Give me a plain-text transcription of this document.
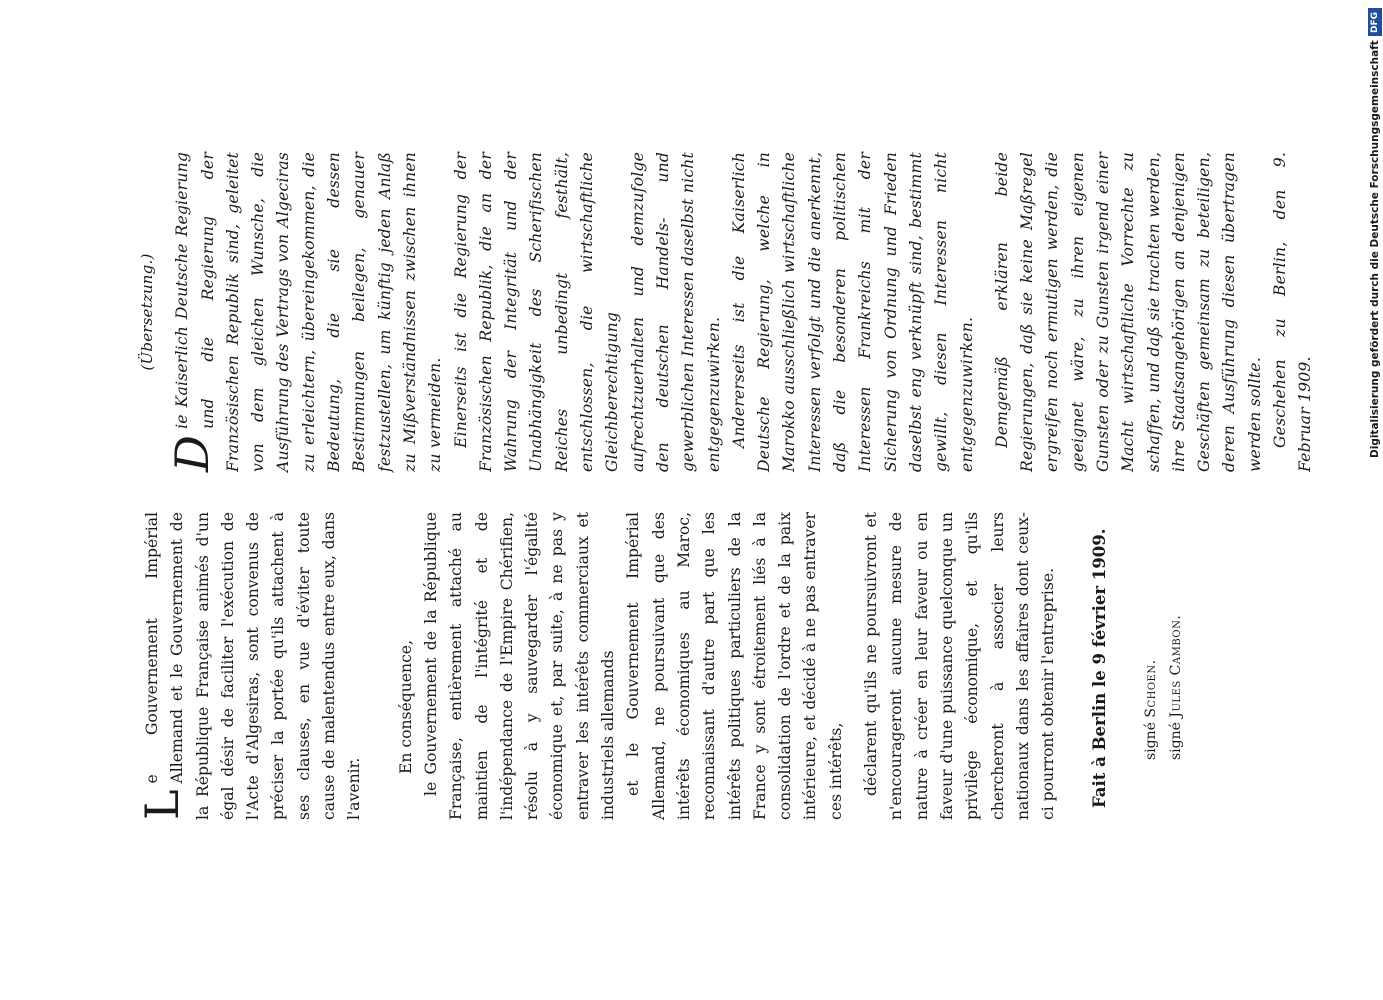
L
e Gouvernement Impérial Allemand et le Gouvernement de la République Française animés d'un égal désir de faciliter l'exécution de l'Acte d'Algesiras, sont convenus de préciser la portée qu'ils attachent à ses clauses, en vue d'éviter toute cause de malentendus entre eux, dans l'avenir.

En conséquence, le Gouvernement de la République Française, entièrement attaché au maintien de l'intégrité et de l'indépendance de l'Empire Chérifien, résolu à y sauvegarder l'égalité économique et, par suite, à ne pas y entraver les intérêts commerciaux et industriels allemands et le Gouvernement Impérial Allemand, ne poursuivant que des intérêts économiques au Maroc, reconnaissant d'autre part que les intérêts politiques particuliers de la France y sont étroitement liés à la consolidation de l'ordre et de la paix intérieure, et décidé à ne pas entraver ces intérêts, déclarent qu'ils ne poursuivront et n'encourageront aucune mesure de nature à créer en leur faveur ou en faveur d'une puissance quelconque un privilège économique, et qu'ils chercheront à associer leurs nationaux dans les affaires dont ceux-ci pourront obtenir l'entreprise. Fait à Berlin le 9 février 1909. signé Schoen.

signé Jules Cambon.

(Übersetzung.)

D
ie Kaiserlich Deutsche Regierung und die Regierung der Französischen Republik sind, geleitet von dem gleichen Wunsche, die Ausführung des Vertrags von Algeciras zu erleichtern, übereingekommen, die Bedeutung, die sie dessen Bestimmungen beilegen, genauer festzustellen, um künftig jeden Anlaß zu Mißverständnissen zwischen ihnen zu vermeiden. Einerseits ist die Regierung der Französischen Republik, die an der Wahrung der Integrität und der Unabhängigkeit des Scherifischen Reiches unbedingt festhält, entschlossen, die wirtschaftliche Gleichberechtigung aufrechtzuerhalten und demzufolge den deutschen Handels- und gewerblichen Interessen daselbst nicht entgegenzuwirken. Andererseits ist die Kaiserlich Deutsche Regierung, welche in Marokko ausschließlich wirtschaftliche Interessen verfolgt und die anerkennt, daß die besonderen politischen Interessen Frankreichs mit der Sicherung von Ordnung und Frieden daselbst eng verknüpft sind, bestimmt gewillt, diesen Interessen nicht entgegenzuwirken. Demgemäß erklären beide Regierungen, daß sie keine Maßregel ergreifen noch ermutigen werden, die geeignet wäre, zu ihren eigenen Gunsten oder zu Gunsten irgend einer Macht wirtschaftliche Vorrechte zu schaffen, und daß sie trachten werden, ihre Staatsangehörigen an denjenigen Geschäften gemeinsam zu beteiligen, deren Ausführung diesen übertragen werden sollte. Geschehen zu Berlin, den 9. Februar 1909.

DFG
Digitalisierung gefördert durch die Deutsche Forschungsgemeinschaft
